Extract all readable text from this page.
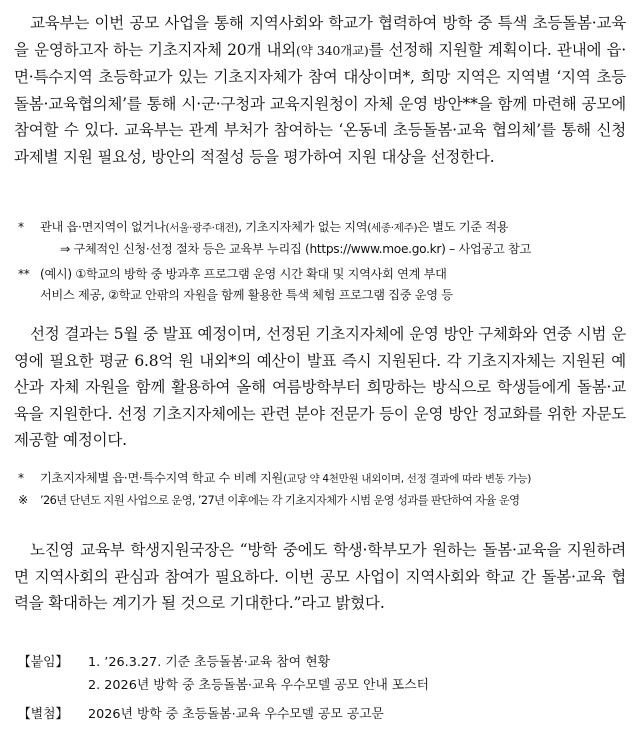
교육부는 이번 공모 사업을 통해 지역사회와 학교가 협력하여 방학 중 특색 초등돌봄·교육을 운영하고자 하는 기초지자체 20개 내외(약 340개교)를 선정해 지원할 계획이다. 관내에 읍·면·특수지역 초등학교가 있는 기초지자체가 참여 대상이며*, 희망 지역은 지역별 ‘지역 초등돌봄·교육협의체’를 통해 시·군·구청과 교육지원청이 자체 운영 방안**을 함께 마련해 공모에 참여할 수 있다. 교육부는 관계 부처가 참여하는 ‘온동네 초등돌봄·교육 협의체’를 통해 신청 과제별 지원 필요성, 방안의 적절성 등을 평가하여 지원 대상을 선정한다.

*	관내 읍·면지역이 없거나(서울·광주·대전), 기초지자체가 없는 지역(세종·제주)은 별도 기준 적용
⇒ 구체적인 신청·선정 절차 등은 교육부 누리집 (https://www.moe.go.kr) – 사업공고 참고
** (예시) ①학교의 방학 중 방과후 프로그램 운영 시간 확대 및 지역사회 연계 부대
서비스 제공, ②학교 안팎의 자원을 함께 활용한 특색 체험 프로그램 집중 운영 등

선정 결과는 5월 중 발표 예정이며, 선정된 기초지자체에 운영 방안 구체화와 연중 시범 운영에 필요한 평균 6.8억 원 내외*의 예산이 발표 즉시 지원된다. 각 기초지자체는 지원된 예산과 자체 자원을 함께 활용하여 올해 여름방학부터 희망하는 방식으로 학생들에게 돌봄·교육을 지원한다. 선정 기초지자체에는 관련 분야 전문가 등이 운영 방안 정교화를 위한 자문도 제공할 예정이다.

*	기초지자체별 읍·면·특수지역 학교 수 비례 지원(교당 약 4천만원 내외이며, 선정 결과에 따라 변동 가능)
※	’26년 단년도 지원 사업으로 운영, ’27년 이후에는 각 기초지자체가 시범 운영 성과를 판단하여 자율 운영

노진영 교육부 학생지원국장은 “방학 중에도 학생·학부모가 원하는 돌봄·교육을 지원하려면 지역사회의 관심과 참여가 필요하다. 이번 공모 사업이 지역사회와 학교 간 돌봄·교육 협력을 확대하는 계기가 될 것으로 기대한다.”라고 밝혔다.

【붙임】 1. ’26.3.27. 기준 초등돌봄·교육 참여 현황
2. 2026년 방학 중 초등돌봄·교육 우수모델 공모 안내 포스터
【별첨】 2026년 방학 중 초등돌봄·교육 우수모델 공모 공고문
